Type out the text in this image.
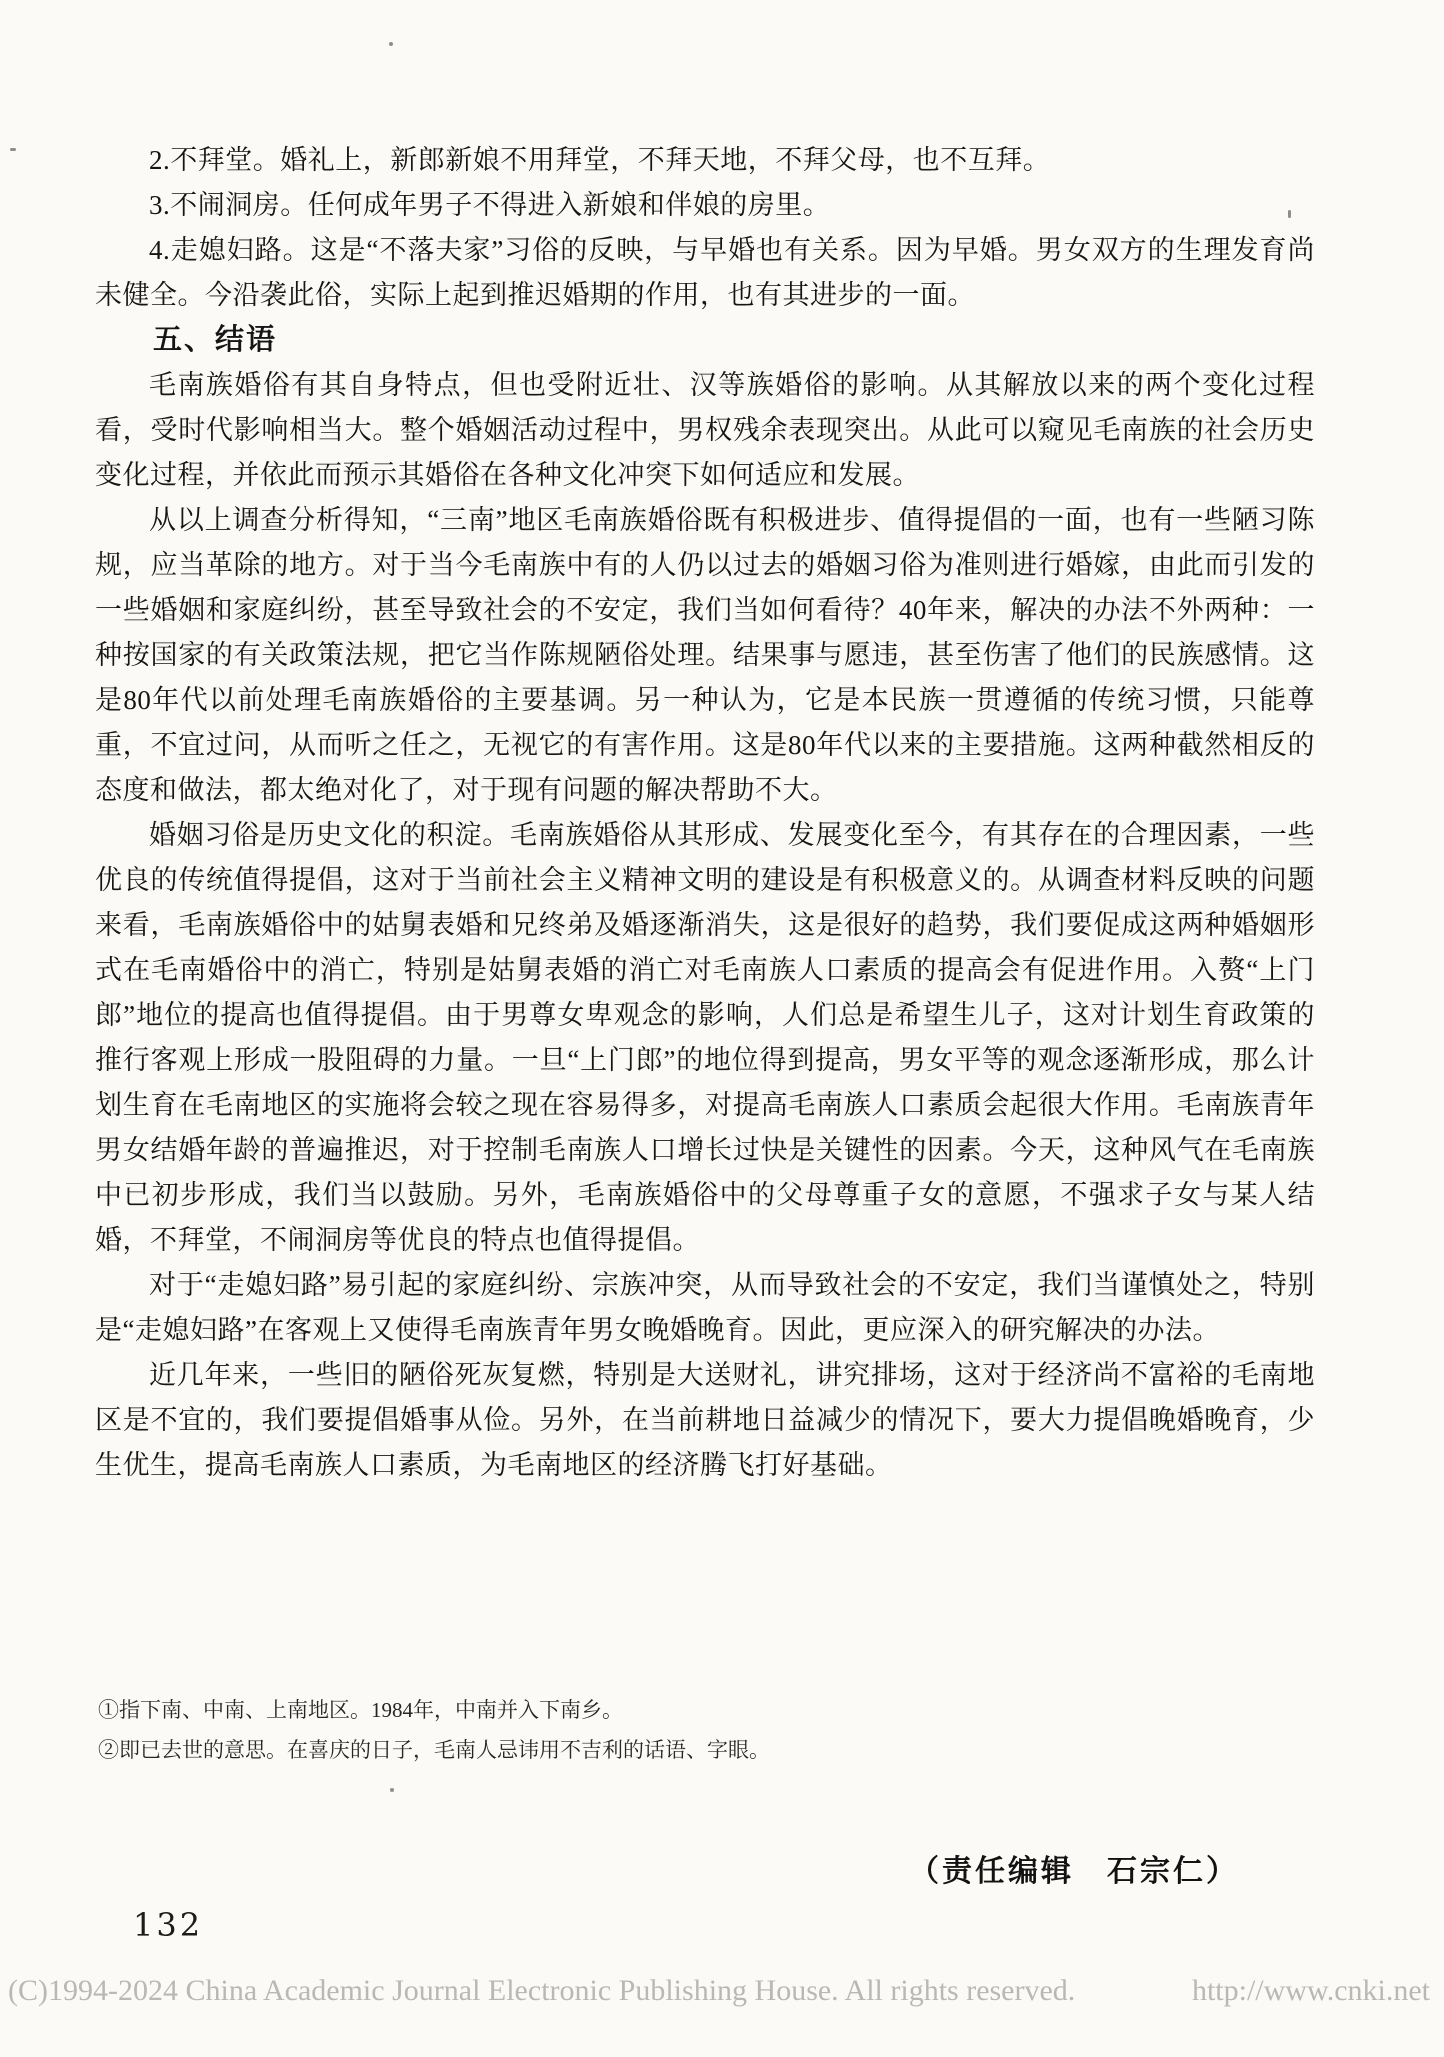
2.不拜堂。婚礼上，新郎新娘不用拜堂，不拜天地，不拜父母，也不互拜。

3.不闹洞房。任何成年男子不得进入新娘和伴娘的房里。

4.走媳妇路。这是“不落夫家”习俗的反映，与早婚也有关系。因为早婚。男女双方的生理发育尚未健全。今沿袭此俗，实际上起到推迟婚期的作用，也有其进步的一面。

五、结语

毛南族婚俗有其自身特点，但也受附近壮、汉等族婚俗的影响。从其解放以来的两个变化过程看，受时代影响相当大。整个婚姻活动过程中，男权残余表现突出。从此可以窥见毛南族的社会历史变化过程，并依此而预示其婚俗在各种文化冲突下如何适应和发展。

从以上调查分析得知，“三南”地区毛南族婚俗既有积极进步、值得提倡的一面，也有一些陋习陈规，应当革除的地方。对于当今毛南族中有的人仍以过去的婚姻习俗为准则进行婚嫁，由此而引发的一些婚姻和家庭纠纷，甚至导致社会的不安定，我们当如何看待？40年来，解决的办法不外两种：一种按国家的有关政策法规，把它当作陈规陋俗处理。结果事与愿违，甚至伤害了他们的民族感情。这是80年代以前处理毛南族婚俗的主要基调。另一种认为，它是本民族一贯遵循的传统习惯，只能尊重，不宜过问，从而听之任之，无视它的有害作用。这是80年代以来的主要措施。这两种截然相反的态度和做法，都太绝对化了，对于现有问题的解决帮助不大。

婚姻习俗是历史文化的积淀。毛南族婚俗从其形成、发展变化至今，有其存在的合理因素，一些优良的传统值得提倡，这对于当前社会主义精神文明的建设是有积极意义的。从调查材料反映的问题来看，毛南族婚俗中的姑舅表婚和兄终弟及婚逐渐消失，这是很好的趋势，我们要促成这两种婚姻形式在毛南婚俗中的消亡，特别是姑舅表婚的消亡对毛南族人口素质的提高会有促进作用。入赘“上门郎”地位的提高也值得提倡。由于男尊女卑观念的影响，人们总是希望生儿子，这对计划生育政策的推行客观上形成一股阻碍的力量。一旦“上门郎”的地位得到提高，男女平等的观念逐渐形成，那么计划生育在毛南地区的实施将会较之现在容易得多，对提高毛南族人口素质会起很大作用。毛南族青年男女结婚年龄的普遍推迟，对于控制毛南族人口增长过快是关键性的因素。今天，这种风气在毛南族中已初步形成，我们当以鼓励。另外，毛南族婚俗中的父母尊重子女的意愿，不强求子女与某人结婚，不拜堂，不闹洞房等优良的特点也值得提倡。

对于“走媳妇路”易引起的家庭纠纷、宗族冲突，从而导致社会的不安定，我们当谨慎处之，特别是“走媳妇路”在客观上又使得毛南族青年男女晚婚晚育。因此，更应深入的研究解决的办法。

近几年来，一些旧的陋俗死灰复燃，特别是大送财礼，讲究排场，这对于经济尚不富裕的毛南地区是不宜的，我们要提倡婚事从俭。另外，在当前耕地日益减少的情况下，要大力提倡晚婚晚育，少生优生，提高毛南族人口素质，为毛南地区的经济腾飞打好基础。

①指下南、中南、上南地区。1984年，中南并入下南乡。

②即已去世的意思。在喜庆的日子，毛南人忌讳用不吉利的话语、字眼。

（责任编辑　石宗仁）
132
(C)1994-2024 China Academic Journal Electronic Publishing House. All rights reserved.	http://www.cnki.net
